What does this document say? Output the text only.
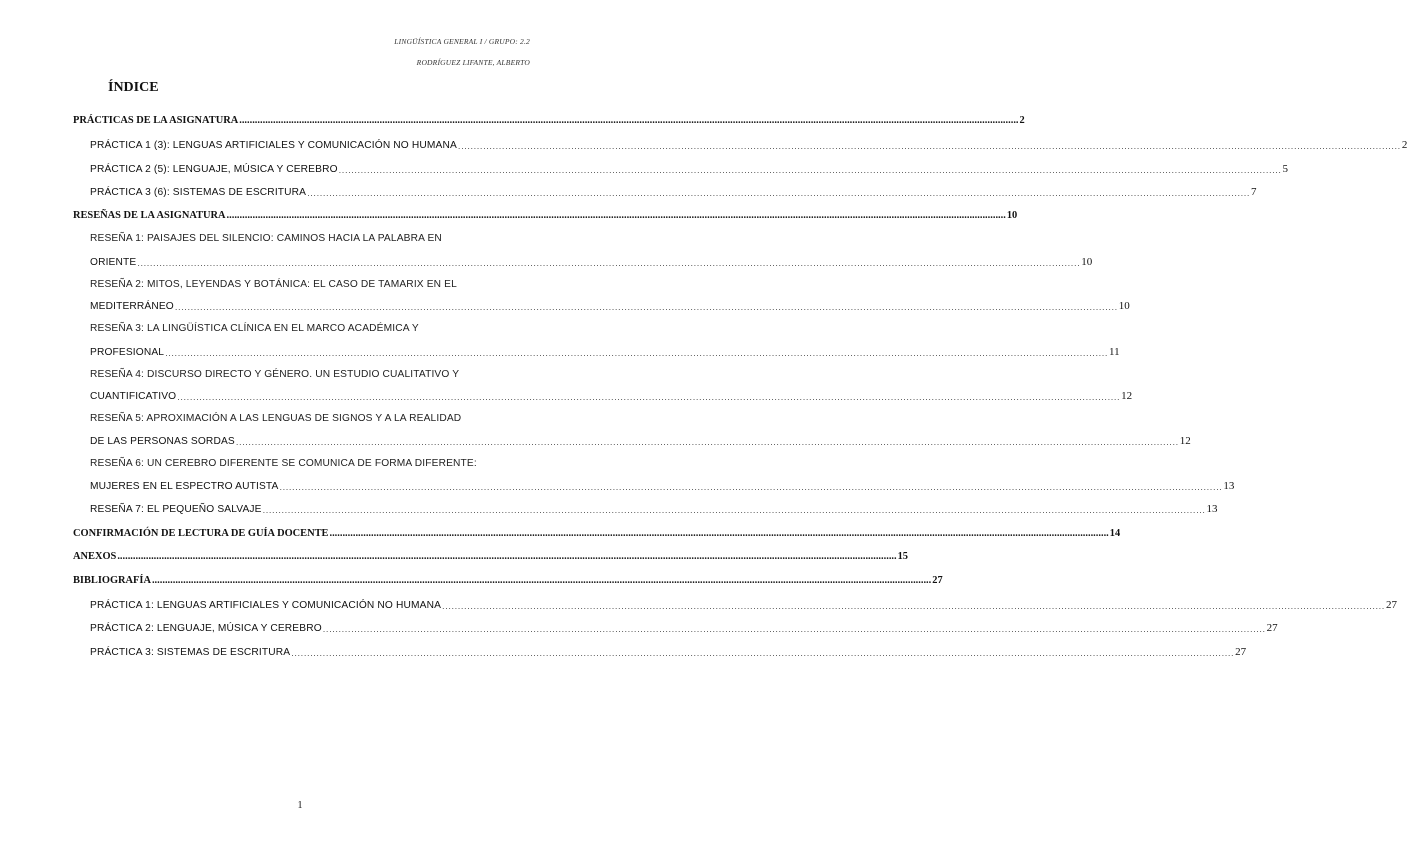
LINGÜÍSTICA GENERAL I / GRUPO: 2.2
RODRÍGUEZ LIFANTE, ALBERTO
ÍNDICE
PRÁCTICAS DE LA ASIGNATURA ............................................................................................................................................................................................................................................................................................................ 2
PRÁCTICA 1 (3): LENGUAS ARTIFICIALES Y COMUNICACIÓN NO HUMANA ............................................................................................................................................................................................................................................................................................................ 2
PRÁCTICA 2 (5): LENGUAJE, MÚSICA Y CEREBRO ............................................................................................................................................................................................................................................................................................................ 5
PRÁCTICA 3 (6): SISTEMAS DE ESCRITURA ............................................................................................................................................................................................................................................................................................................ 7
RESEÑAS DE LA ASIGNATURA ............................................................................................................................................................................................................................................................................................................ 10
RESEÑA 1: PAISAJES DEL SILENCIO: CAMINOS HACIA LA PALABRA EN
ORIENTE ............................................................................................................................................................................................................................................................................................................ 10
RESEÑA 2: MITOS, LEYENDAS Y BOTÁNICA: EL CASO DE TAMARIX EN EL
MEDITERRÁNEO ............................................................................................................................................................................................................................................................................................................ 10
RESEÑA 3: LA LINGÜÍSTICA CLÍNICA EN EL MARCO ACADÉMICA Y
PROFESIONAL ............................................................................................................................................................................................................................................................................................................ 11
RESEÑA 4: DISCURSO DIRECTO Y GÉNERO. UN ESTUDIO CUALITATIVO Y
CUANTIFICATIVO ............................................................................................................................................................................................................................................................................................................ 12
RESEÑA 5: APROXIMACIÓN A LAS LENGUAS DE SIGNOS Y A LA REALIDAD
DE LAS PERSONAS SORDAS ............................................................................................................................................................................................................................................................................................................ 12
RESEÑA 6: UN CEREBRO DIFERENTE SE COMUNICA DE FORMA DIFERENTE:
MUJERES EN EL ESPECTRO AUTISTA ............................................................................................................................................................................................................................................................................................................ 13
RESEÑA 7: EL PEQUEÑO SALVAJE ............................................................................................................................................................................................................................................................................................................ 13
CONFIRMACIÓN DE LECTURA DE GUÍA DOCENTE ............................................................................................................................................................................................................................................................................................................ 14
ANEXOS ............................................................................................................................................................................................................................................................................................................ 15
BIBLIOGRAFÍA ............................................................................................................................................................................................................................................................................................................ 27
PRÁCTICA 1: LENGUAS ARTIFICIALES Y COMUNICACIÓN NO HUMANA ............................................................................................................................................................................................................................................................................................................ 27
PRÁCTICA 2: LENGUAJE, MÚSICA Y CEREBRO ............................................................................................................................................................................................................................................................................................................ 27
PRÁCTICA 3: SISTEMAS DE ESCRITURA ............................................................................................................................................................................................................................................................................................................ 27
1
